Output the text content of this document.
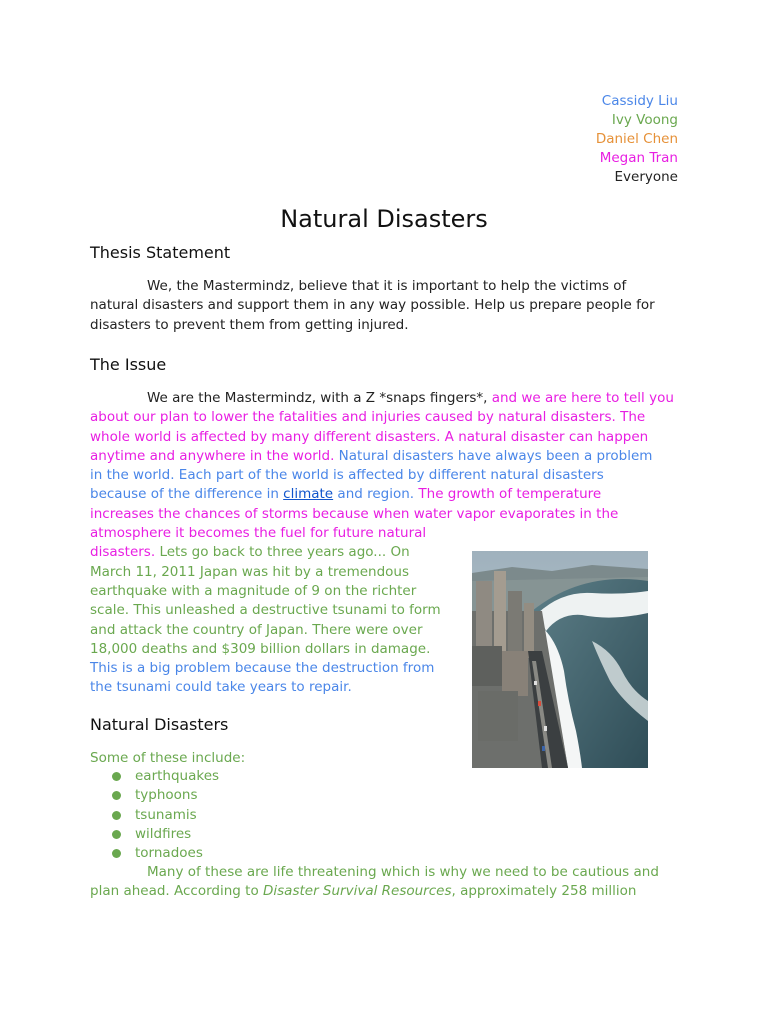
Cassidy Liu
Ivy Voong
Daniel Chen
Megan Tran
Everyone
Natural Disasters
Thesis Statement
We, the Mastermindz, believe that it is important to help the victims of
natural disasters and support them in any way possible. Help us prepare people for
disasters to prevent them from getting injured.
The Issue
We are the Mastermindz, with a Z *snaps fingers*, and we are here to tell you
about our plan to lower the fatalities and injuries caused by natural disasters. The
whole world is affected by many different disasters. A natural disaster can happen
anytime and anywhere in the world. Natural disasters have always been a problem
in the world. Each part of the world is affected by different natural disasters
because of the difference in climate and region. The growth of temperature
increases the chances of storms because when water vapor evaporates in the
atmosphere it becomes the fuel for future natural
disasters. Lets go back to three years ago... On
March 11, 2011 Japan was hit by a tremendous
earthquake with a magnitude of 9 on the richter
scale. This unleashed a destructive tsunami to form
and attack the country of Japan. There were over
18,000 deaths and $309 billion dollars in damage.
This is a big problem because the destruction from
the tsunami could take years to repair.
Natural Disasters
Some of these include:
earthquakes
typhoons
tsunamis
wildfires
tornadoes
Many of these are life threatening which is why we need to be cautious and
plan ahead. According to Disaster Survival Resources, approximately 258 million
